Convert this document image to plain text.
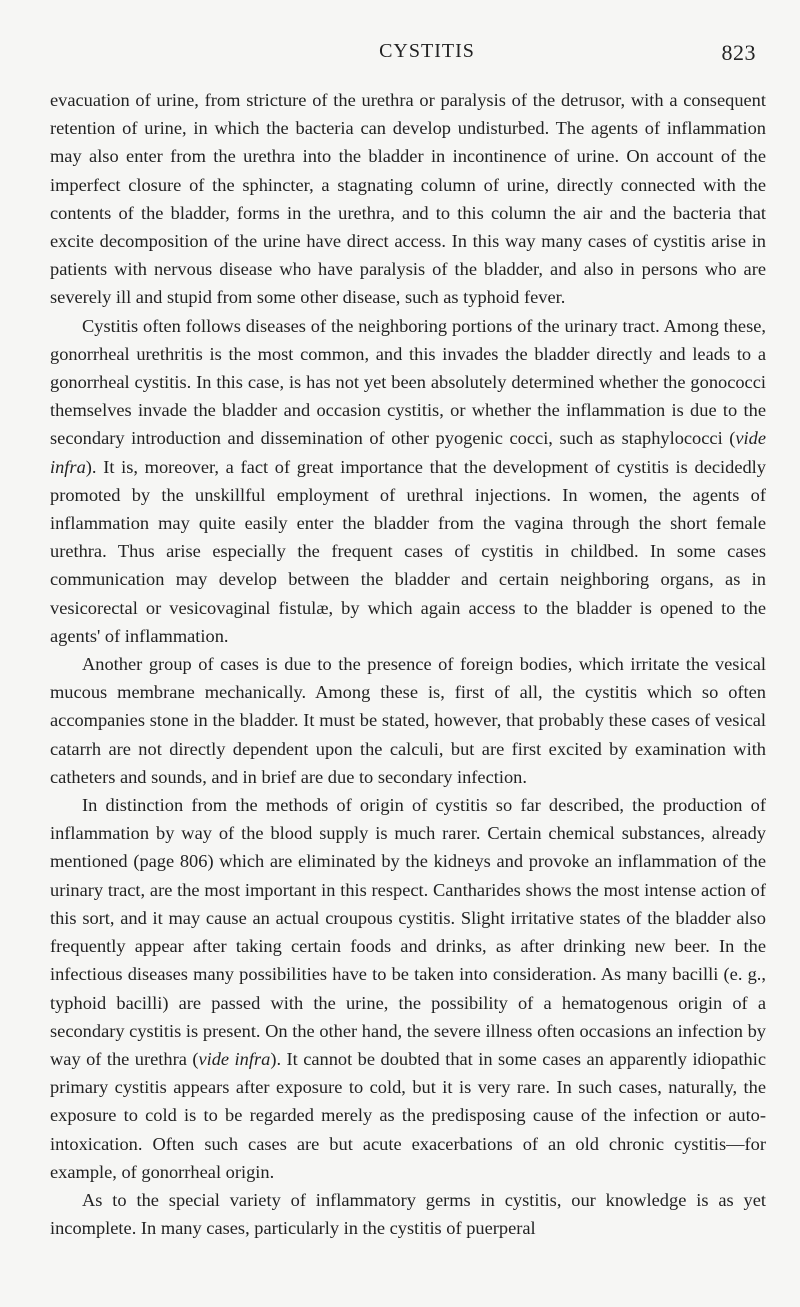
CYSTITIS	823

evacuation of urine, from stricture of the urethra or paralysis of the detrusor, with a consequent retention of urine, in which the bacteria can develop undisturbed. The agents of inflammation may also enter from the urethra into the bladder in incontinence of urine. On account of the imperfect closure of the sphincter, a stagnating column of urine, directly connected with the contents of the bladder, forms in the urethra, and to this column the air and the bacteria that excite decomposition of the urine have direct access. In this way many cases of cystitis arise in patients with nervous disease who have paralysis of the bladder, and also in persons who are severely ill and stupid from some other disease, such as typhoid fever.

Cystitis often follows diseases of the neighboring portions of the urinary tract. Among these, gonorrheal urethritis is the most common, and this invades the bladder directly and leads to a gonorrheal cystitis. In this case, is has not yet been absolutely determined whether the gonococci themselves invade the bladder and occasion cystitis, or whether the inflammation is due to the secondary introduction and dissemination of other pyogenic cocci, such as staphylococci (vide infra). It is, moreover, a fact of great importance that the development of cystitis is decidedly promoted by the unskillful employment of urethral injections. In women, the agents of inflammation may quite easily enter the bladder from the vagina through the short female urethra. Thus arise especially the frequent cases of cystitis in childbed. In some cases communication may develop between the bladder and certain neighboring organs, as in vesicorectal or vesicovaginal fistulæ, by which again access to the bladder is opened to the agents' of inflammation.

Another group of cases is due to the presence of foreign bodies, which irritate the vesical mucous membrane mechanically. Among these is, first of all, the cystitis which so often accompanies stone in the bladder. It must be stated, however, that probably these cases of vesical catarrh are not directly dependent upon the calculi, but are first excited by examination with catheters and sounds, and in brief are due to secondary infection.

In distinction from the methods of origin of cystitis so far described, the production of inflammation by way of the blood supply is much rarer. Certain chemical substances, already mentioned (page 806) which are eliminated by the kidneys and provoke an inflammation of the urinary tract, are the most important in this respect. Cantharides shows the most intense action of this sort, and it may cause an actual croupous cystitis. Slight irritative states of the bladder also frequently appear after taking certain foods and drinks, as after drinking new beer. In the infectious diseases many possibilities have to be taken into consideration. As many bacilli (e. g., typhoid bacilli) are passed with the urine, the possibility of a hematogenous origin of a secondary cystitis is present. On the other hand, the severe illness often occasions an infection by way of the urethra (vide infra). It cannot be doubted that in some cases an apparently idiopathic primary cystitis appears after exposure to cold, but it is very rare. In such cases, naturally, the exposure to cold is to be regarded merely as the predisposing cause of the infection or auto-intoxication. Often such cases are but acute exacerbations of an old chronic cystitis—for example, of gonorrheal origin.

As to the special variety of inflammatory germs in cystitis, our knowledge is as yet incomplete. In many cases, particularly in the cystitis of puerperal
